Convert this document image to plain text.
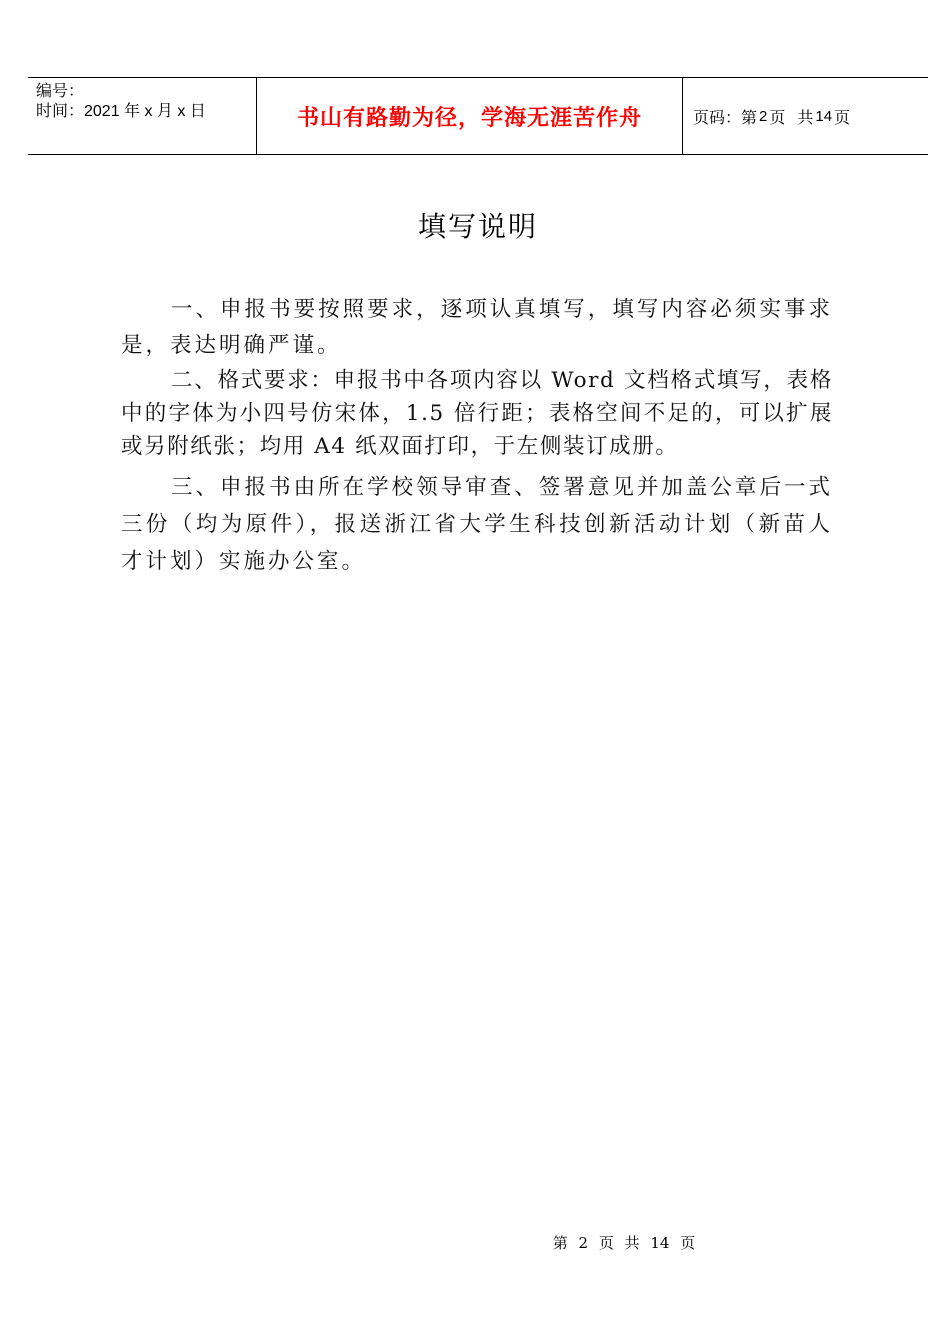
编号：
时间：2021 年 x 月 x 日	书山有路勤为径，学海无涯苦作舟	页码：第 2 页 共 14 页
填写说明

一、申报书要按照要求，逐项认真填写，填写内容必须实事求是，表达明确严谨。

二、格式要求：申报书中各项内容以 Word 文档格式填写，表格中的字体为小四号仿宋体，1.5 倍行距；表格空间不足的，可以扩展或另附纸张；均用 A4 纸双面打印，于左侧装订成册。

三、申报书由所在学校领导审查、签署意见并加盖公章后一式三份（均为原件），报送浙江省大学生科技创新活动计划（新苗人才计划）实施办公室。

第 2 页 共 14 页
